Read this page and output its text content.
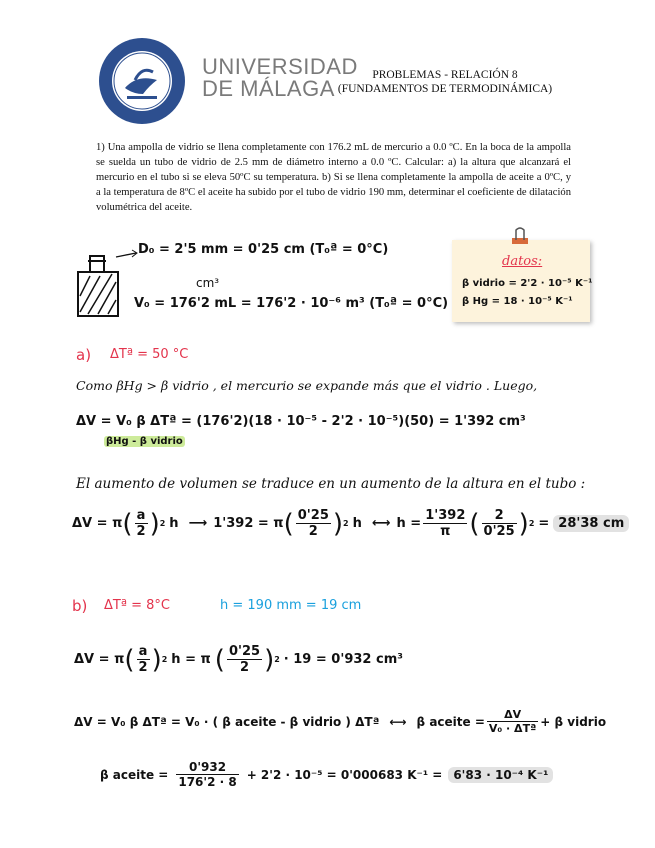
UNIVERSIDAD
DE MÁLAGA
PROBLEMAS - RELACIÓN 8
(FUNDAMENTOS DE TERMODINÁMICA)
1) Una ampolla de vidrio se llena completamente con 176.2 mL de mercurio a 0.0 ºC. En la boca de la ampolla se suelda un tubo de vidrio de 2.5 mm de diámetro interno a 0.0 ºC. Calcular: a) la altura que alcanzará el mercurio en el tubo si se eleva 50ºC su temperatura. b) Si se llena completamente la ampolla de aceite a 0ºC, y a la temperatura de 8ºC el aceite ha subido por el tubo de vidrio 190 mm, determinar el coeficiente de dilatación volumétrica del aceite.
D₀ = 2'5 mm = 0'25 cm (T₀ª = 0°C)
cm³
V₀ = 176'2 mL = 176'2 · 10⁻⁶ m³ (T₀ª = 0°C)
datos:
β vidrio = 2'2 · 10⁻⁵ K⁻¹
β Hg = 18 · 10⁻⁵ K⁻¹
a) ΔTª = 50 °C
Como βHg > β vidrio , el mercurio se expande más que el vidrio . Luego,
ΔV = V₀ β ΔTª = (176'2)(18 · 10⁻⁵ - 2'2 · 10⁻⁵)(50) = 1'392 cm³
βHg - β vidrio
El aumento de volumen se traduce en un aumento de la altura en el tubo :
ΔV = π ( $\frac{a}{2}$ ) 2 h ⟶ 1'392 = π ( $\frac{0'25}{2}$ ) 2 h ⟷ $h = \frac{1'392}{\pi}$ ( $\frac{2}{0'25}$ ) 2 = 28'38 cm
b) ΔTª = 8°C	h = 190 mm = 19 cm
ΔV = π ( $\frac{a}{2}$ ) 2 h = π ( $\frac{0'25}{2}$ ) 2 · 19 = 0'932 cm³
ΔV = V₀ β ΔTª = V₀ · ( β aceite - β vidrio ) ΔTª ⟷ β aceite = $\frac{\Delta V}{\text{V₀ · ΔTª}} + \beta$ vidrio
β aceite = $\frac{0'932}{176'2 \cdot 8} + 2'2 \cdot 10^{-5} = 0'000683$ K⁻¹ = 6'83 · 10⁻⁴ K⁻¹
